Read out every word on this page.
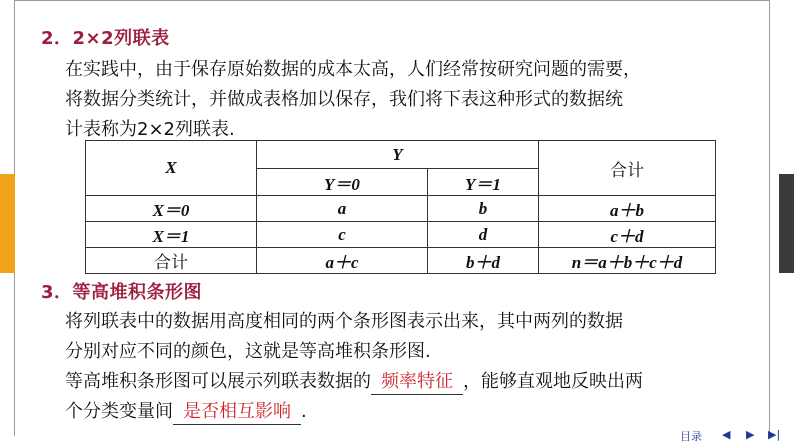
2．2×2列联表
在实践中，由于保存原始数据的成本太高，人们经常按研究问题的需要，
将数据分类统计，并做成表格加以保存，我们将下表这种形式的数据统
计表称为2×2列联表.
X	Y		合计
	Y＝0	Y＝1	
X＝0	a	b	a＋b
X＝1	c	d	c＋d
合计	a＋c	b＋d	n＝a＋b＋c＋d
3．等高堆积条形图
将列联表中的数据用高度相同的两个条形图表示出来，其中两列的数据
分别对应不同的颜色，这就是等高堆积条形图.
等高堆积条形图可以展示列联表数据的 频率特征 ，能够直观地反映出两
个分类变量间 是否相互影响 .
目录 ◀ ▶ ▶|
